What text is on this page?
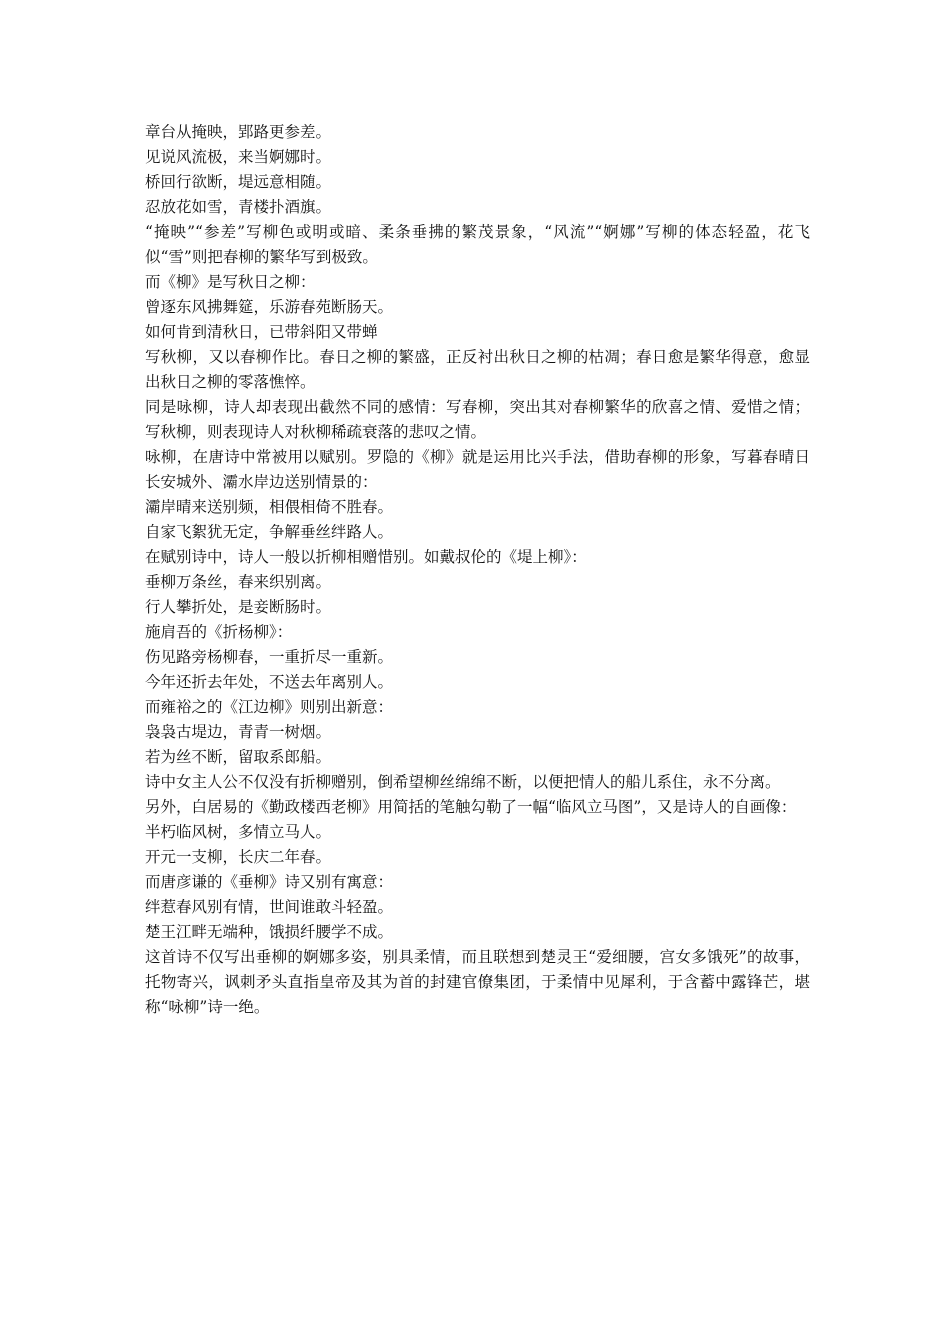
章台从掩映，郢路更参差。
见说风流极，来当婀娜时。
桥回行欲断，堤远意相随。
忍放花如雪，青楼扑酒旗。
“掩映”“参差”写柳色或明或暗、柔条垂拂的繁茂景象，“风流”“婀娜”写柳的体态轻盈，花飞似“雪”则把春柳的繁华写到极致。
而《柳》是写秋日之柳：
曾逐东风拂舞筵，乐游春苑断肠天。
如何肯到清秋日，已带斜阳又带蝉
写秋柳，又以春柳作比。春日之柳的繁盛，正反衬出秋日之柳的枯凋；春日愈是繁华得意，愈显出秋日之柳的零落憔悴。
同是咏柳，诗人却表现出截然不同的感情：写春柳，突出其对春柳繁华的欣喜之情、爱惜之情；写秋柳，则表现诗人对秋柳稀疏衰落的悲叹之情。
咏柳，在唐诗中常被用以赋别。罗隐的《柳》就是运用比兴手法，借助春柳的形象，写暮春晴日长安城外、灞水岸边送别情景的：
灞岸晴来送别频，相偎相倚不胜春。
自家飞絮犹无定，争解垂丝绊路人。
在赋别诗中，诗人一般以折柳相赠惜别。如戴叔伦的《堤上柳》：
垂柳万条丝，春来织别离。
行人攀折处，是妾断肠时。
施肩吾的《折杨柳》：
伤见路旁杨柳春，一重折尽一重新。
今年还折去年处，不送去年离别人。
而雍裕之的《江边柳》则别出新意：
袅袅古堤边，青青一树烟。
若为丝不断，留取系郎船。
诗中女主人公不仅没有折柳赠别，倒希望柳丝绵绵不断，以便把情人的船儿系住，永不分离。
另外，白居易的《勤政楼西老柳》用简括的笔触勾勒了一幅“临风立马图”，又是诗人的自画像：
半朽临风树，多情立马人。
开元一支柳，长庆二年春。
而唐彦谦的《垂柳》诗又别有寓意：
绊惹春风别有情，世间谁敢斗轻盈。
楚王江畔无端种，饿损纤腰学不成。
这首诗不仅写出垂柳的婀娜多姿，别具柔情，而且联想到楚灵王“爱细腰，宫女多饿死”的故事，托物寄兴，讽刺矛头直指皇帝及其为首的封建官僚集团，于柔情中见犀利，于含蓄中露锋芒，堪称“咏柳”诗一绝。
